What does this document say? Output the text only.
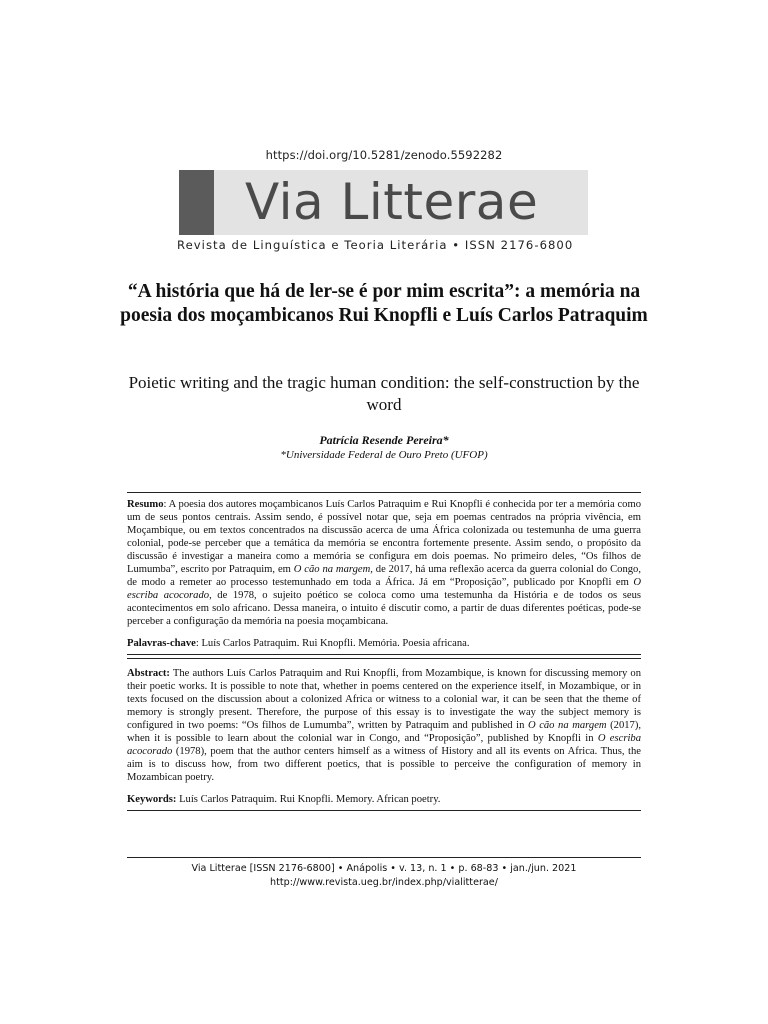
https://doi.org/10.5281/zenodo.5592282
Via Litterae
Revista de Linguística e Teoria Literária • ISSN 2176-6800
“A história que há de ler-se é por mim escrita”: a memória na poesia dos moçambicanos Rui Knopfli e Luís Carlos Patraquim
Poietic writing and the tragic human condition: the self-construction by the word
Patrícia Resende Pereira*
*Universidade Federal de Ouro Preto (UFOP)

Resumo: A poesia dos autores moçambicanos Luís Carlos Patraquim e Rui Knopfli é conhecida por ter a memória como um de seus pontos centrais. Assim sendo, é possível notar que, seja em poemas centrados na própria vivência, em Moçambique, ou em textos concentrados na discussão acerca de uma África colonizada ou testemunha de uma guerra colonial, pode-se perceber que a temática da memória se encontra fortemente presente. Assim sendo, o propósito da discussão é investigar a maneira como a memória se configura em dois poemas. No primeiro deles, “Os filhos de Lumumba”, escrito por Patraquim, em O cão na margem, de 2017, há uma reflexão acerca da guerra colonial do Congo, de modo a remeter ao processo testemunhado em toda a África. Já em “Proposição”, publicado por Knopfli em O escriba acocorado, de 1978, o sujeito poético se coloca como uma testemunha da História e de todos os seus acontecimentos em solo africano. Dessa maneira, o intuito é discutir como, a partir de duas diferentes poéticas, pode-se perceber a configuração da memória na poesia moçambicana.

Palavras-chave: Luís Carlos Patraquim. Rui Knopfli. Memória. Poesia africana.

Abstract: The authors Luís Carlos Patraquim and Rui Knopfli, from Mozambique, is known for discussing memory on their poetic works. It is possible to note that, whether in poems centered on the experience itself, in Mozambique, or in texts focused on the discussion about a colonized Africa or witness to a colonial war, it can be seen that the theme of memory is strongly present. Therefore, the purpose of this essay is to investigate the way the subject memory is configured in two poems: “Os filhos de Lumumba”, written by Patraquim and published in O cão na margem (2017), when it is possible to learn about the colonial war in Congo, and “Proposição”, published by Knopfli in O escriba acocorado (1978), poem that the author centers himself as a witness of History and all its events on Africa. Thus, the aim is to discuss how, from two different poetics, that is possible to perceive the configuration of memory in Mozambican poetry.

Keywords: Luís Carlos Patraquim. Rui Knopfli. Memory. African poetry.

Via Litterae [ISSN 2176-6800] • Anápolis • v. 13, n. 1 • p. 68-83 • jan./jun. 2021
http://www.revista.ueg.br/index.php/vialitterae/
